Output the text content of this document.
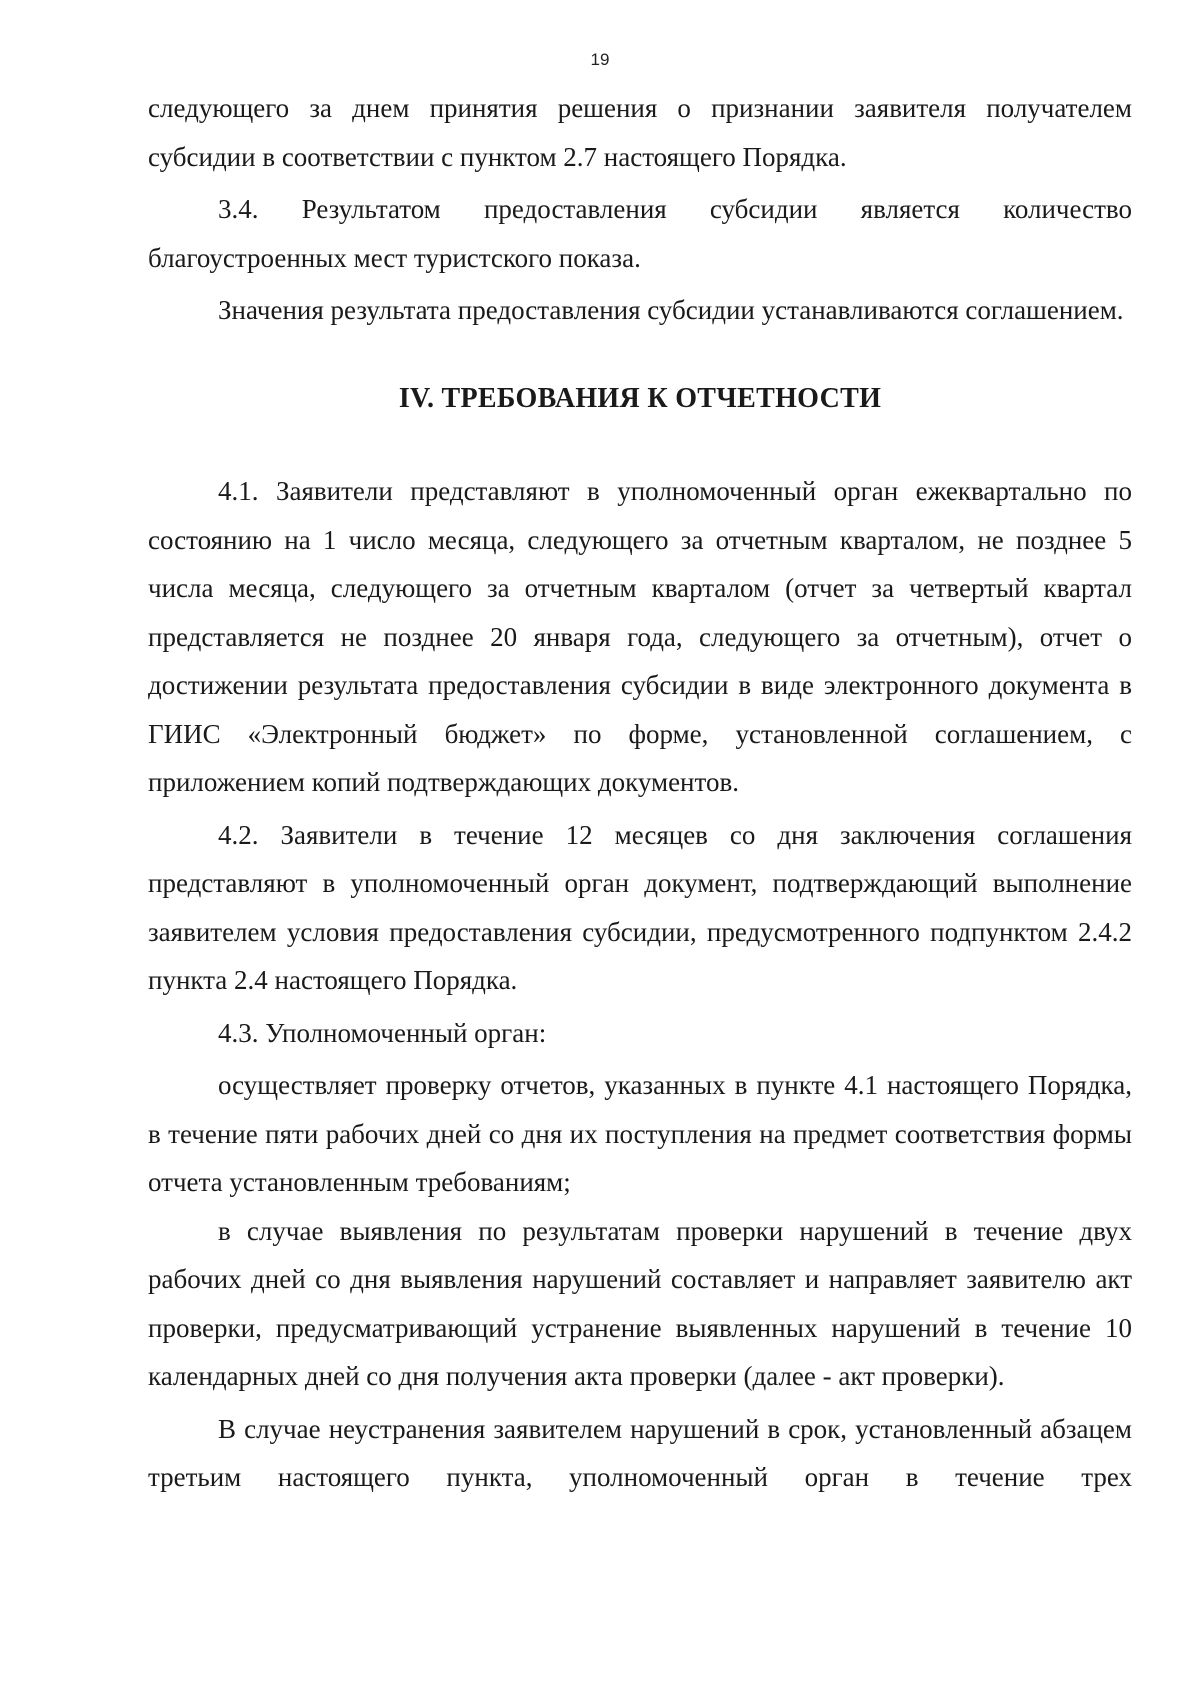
19

следующего за днем принятия решения о признании заявителя получателем субсидии в соответствии с пунктом 2.7 настоящего Порядка.

3.4. Результатом предоставления субсидии является количество благоустроенных мест туристского показа.

Значения результата предоставления субсидии устанавливаются соглашением.

IV. ТРЕБОВАНИЯ К ОТЧЕТНОСТИ

4.1. Заявители представляют в уполномоченный орган ежеквартально по состоянию на 1 число месяца, следующего за отчетным кварталом, не позднее 5 числа месяца, следующего за отчетным кварталом (отчет за четвертый квартал представляется не позднее 20 января года, следующего за отчетным), отчет о достижении результата предоставления субсидии в виде электронного документа в ГИИС «Электронный бюджет» по форме, установленной соглашением, с приложением копий подтверждающих документов.

4.2. Заявители в течение 12 месяцев со дня заключения соглашения представляют в уполномоченный орган документ, подтверждающий выполнение заявителем условия предоставления субсидии, предусмотренного подпунктом 2.4.2 пункта 2.4 настоящего Порядка.

4.3. Уполномоченный орган:

осуществляет проверку отчетов, указанных в пункте 4.1 настоящего Порядка, в течение пяти рабочих дней со дня их поступления на предмет соответствия формы отчета установленным требованиям;

в случае выявления по результатам проверки нарушений в течение двух рабочих дней со дня выявления нарушений составляет и направляет заявителю акт проверки, предусматривающий устранение выявленных нарушений в течение 10 календарных дней со дня получения акта проверки (далее - акт проверки).

В случае неустранения заявителем нарушений в срок, установленный абзацем третьим настоящего пункта, уполномоченный орган в течение трех
